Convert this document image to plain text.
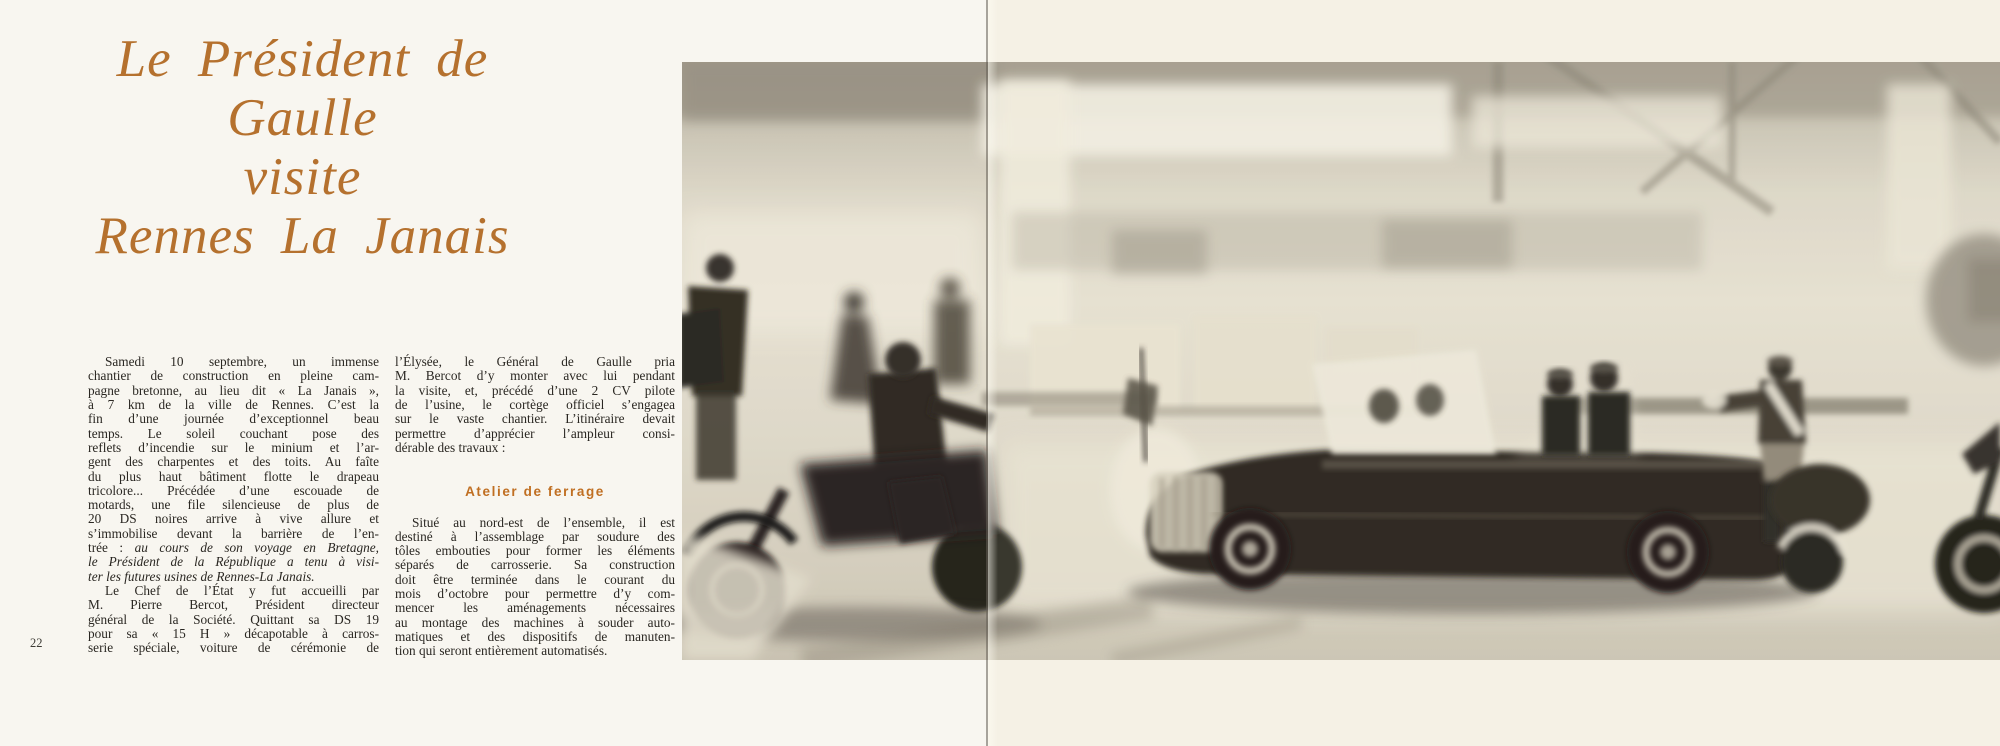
Le Président de Gaulle
visite
Rennes La Janais
Samedi 10 septembre, un immense
chantier de construction en pleine cam-
pagne bretonne, au lieu dit « La Janais »,
à 7 km de la ville de Rennes. C’est la
fin d’une journée d’exceptionnel beau
temps. Le soleil couchant pose des
reflets d’incendie sur le minium et l’ar-
gent des charpentes et des toits. Au faîte
du plus haut bâtiment flotte le drapeau
tricolore... Précédée d’une escouade de
motards, une file silencieuse de plus de
20 DS noires arrive à vive allure et
s’immobilise devant la barrière de l’en-
trée : au cours de son voyage en Bretagne,
le Président de la République a tenu à visi-
ter les futures usines de Rennes-La Janais.
Le Chef de l’État y fut accueilli par
M. Pierre Bercot, Président directeur
général de la Société. Quittant sa DS 19
pour sa « 15 H » décapotable à carros-
serie spéciale, voiture de cérémonie de
l’Élysée, le Général de Gaulle pria
M. Bercot d’y monter avec lui pendant
la visite, et, précédé d’une 2 CV pilote
de l’usine, le cortège officiel s’engagea
sur le vaste chantier. L’itinéraire devait
permettre d’apprécier l’ampleur consi-
dérable des travaux :
Atelier de ferrage
Situé au nord-est de l’ensemble, il est
destiné à l’assemblage par soudure des
tôles embouties pour former les éléments
séparés de carrosserie. Sa construction
doit être terminée dans le courant du
mois d’octobre pour permettre d’y com-
mencer les aménagements nécessaires
au montage des machines à souder auto-
matiques et des dispositifs de manuten-
tion qui seront entièrement automatisés.
22
